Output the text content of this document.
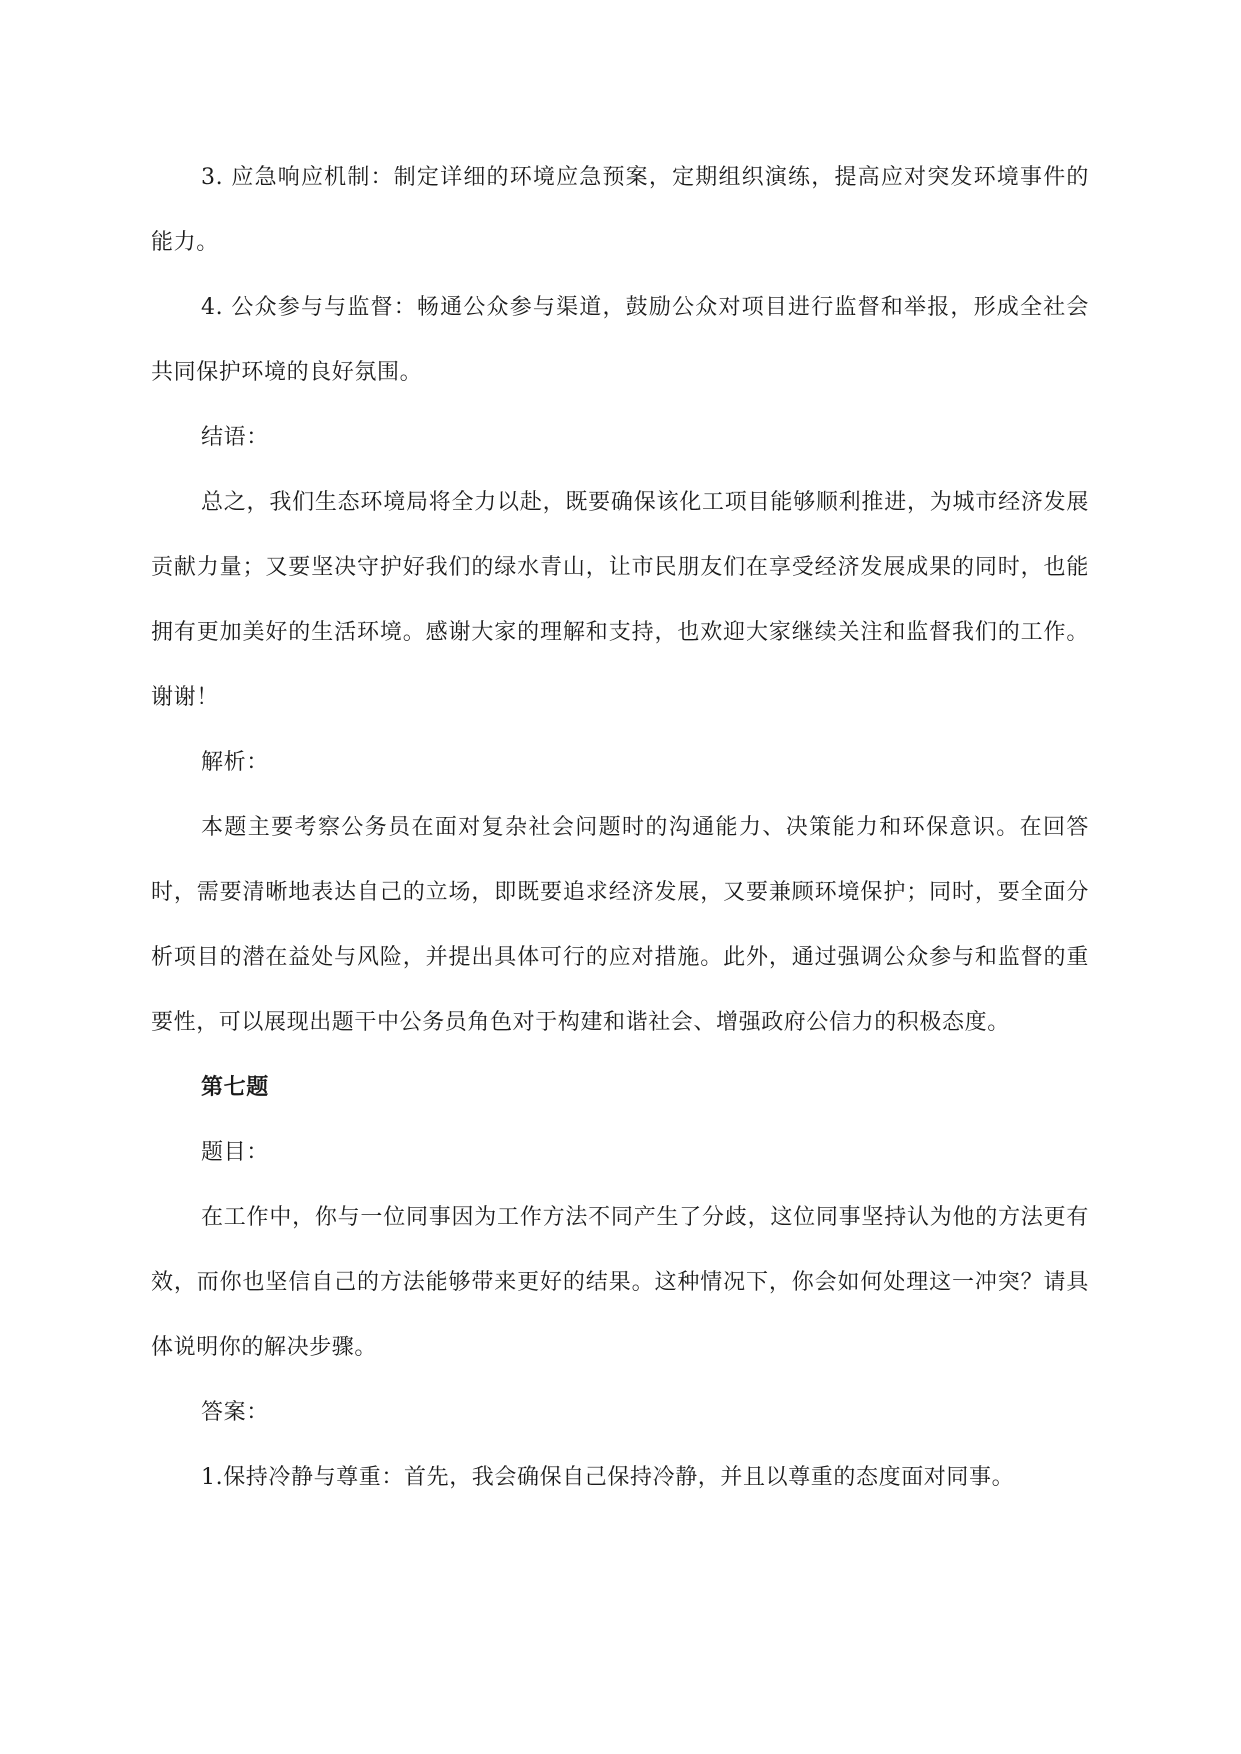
3. 应急响应机制：制定详细的环境应急预案，定期组织演练，提高应对突发环境事件的能力。

4. 公众参与与监督：畅通公众参与渠道，鼓励公众对项目进行监督和举报，形成全社会共同保护环境的良好氛围。

结语：

总之，我们生态环境局将全力以赴，既要确保该化工项目能够顺利推进，为城市经济发展贡献力量；又要坚决守护好我们的绿水青山，让市民朋友们在享受经济发展成果的同时，也能拥有更加美好的生活环境。感谢大家的理解和支持，也欢迎大家继续关注和监督我们的工作。谢谢！

解析：

本题主要考察公务员在面对复杂社会问题时的沟通能力、决策能力和环保意识。在回答时，需要清晰地表达自己的立场，即既要追求经济发展，又要兼顾环境保护；同时，要全面分析项目的潜在益处与风险，并提出具体可行的应对措施。此外，通过强调公众参与和监督的重要性，可以展现出题干中公务员角色对于构建和谐社会、增强政府公信力的积极态度。

第七题

题目：

在工作中，你与一位同事因为工作方法不同产生了分歧，这位同事坚持认为他的方法更有效，而你也坚信自己的方法能够带来更好的结果。这种情况下，你会如何处理这一冲突？请具体说明你的解决步骤。

答案：

1.保持冷静与尊重：首先，我会确保自己保持冷静，并且以尊重的态度面对同事。
